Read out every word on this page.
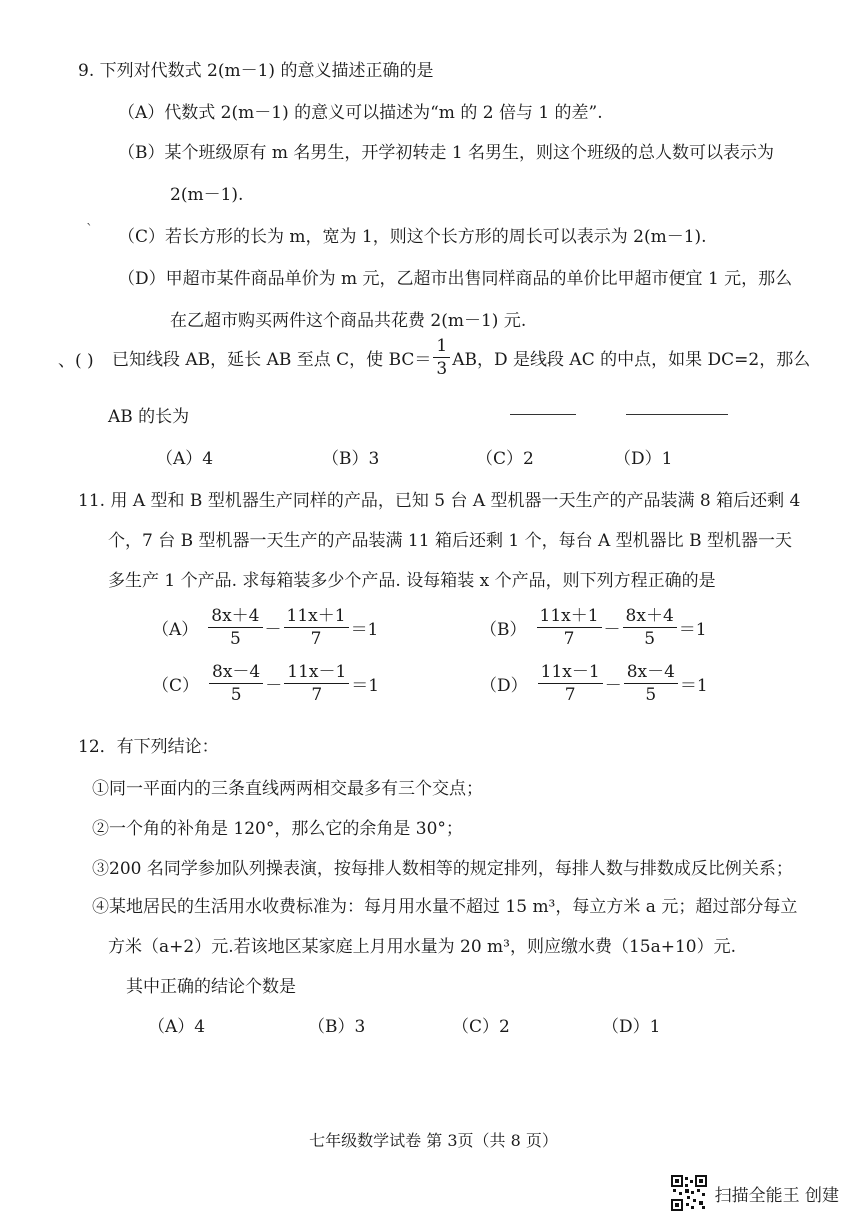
9. 下列对代数式 2(m－1) 的意义描述正确的是
（A）代数式 2(m－1) 的意义可以描述为“m 的 2 倍与 1 的差”.
（B）某个班级原有 m 名男生，开学初转走 1 名男生，则这个班级的总人数可以表示为
2(m－1).
ˋ （C）若长方形的长为 m，宽为 1，则这个长方形的周长可以表示为 2(m－1).
（D）甲超市某件商品单价为 m 元，乙超市出售同样商品的单价比甲超市便宜 1 元，那么
在乙超市购买两件这个商品共花费 2(m－1) 元.
、( ) 已知线段 AB，延长 AB 至点 C，使 $BC= \frac{1}{3}$ AB，D 是线段 AC 的中点，如果 DC=2，那么
AB 的长为
（A）4	（B）3	（C）2	（D）1
11. 用 A 型和 B 型机器生产同样的产品，已知 5 台 A 型机器一天生产的产品装满 8 箱后还剩 4
个，7 台 B 型机器一天生产的产品装满 11 箱后还剩 1 个，每台 A 型机器比 B 型机器一天
多生产 1 个产品. 求每箱装多少个产品. 设每箱装 x 个产品，则下列方程正确的是
$(A) \frac{8x+4}{5} - \frac{11x+1}{7} =1$	$(B) \frac{11x+1}{7} - \frac{8x+4}{5} =1$
$(C) \frac{8x-4}{5} - \frac{11x-1}{7} =1$	$(D) \frac{11x-1}{7} - \frac{8x-4}{5} =1$
12．有下列结论：
①同一平面内的三条直线两两相交最多有三个交点；
②一个角的补角是 120°，那么它的余角是 30°；
③200 名同学参加队列操表演，按每排人数相等的规定排列，每排人数与排数成反比例关系；
④某地居民的生活用水收费标准为：每月用水量不超过 15 m³，每立方米 a 元；超过部分每立
方米（a+2）元.若该地区某家庭上月用水量为 20 m³，则应缴水费（15a+10）元.
其中正确的结论个数是
（A）4	（B）3	（C）2	（D）1
七年级数学试卷 第 3页（共 8 页）
扫描全能王 创建
